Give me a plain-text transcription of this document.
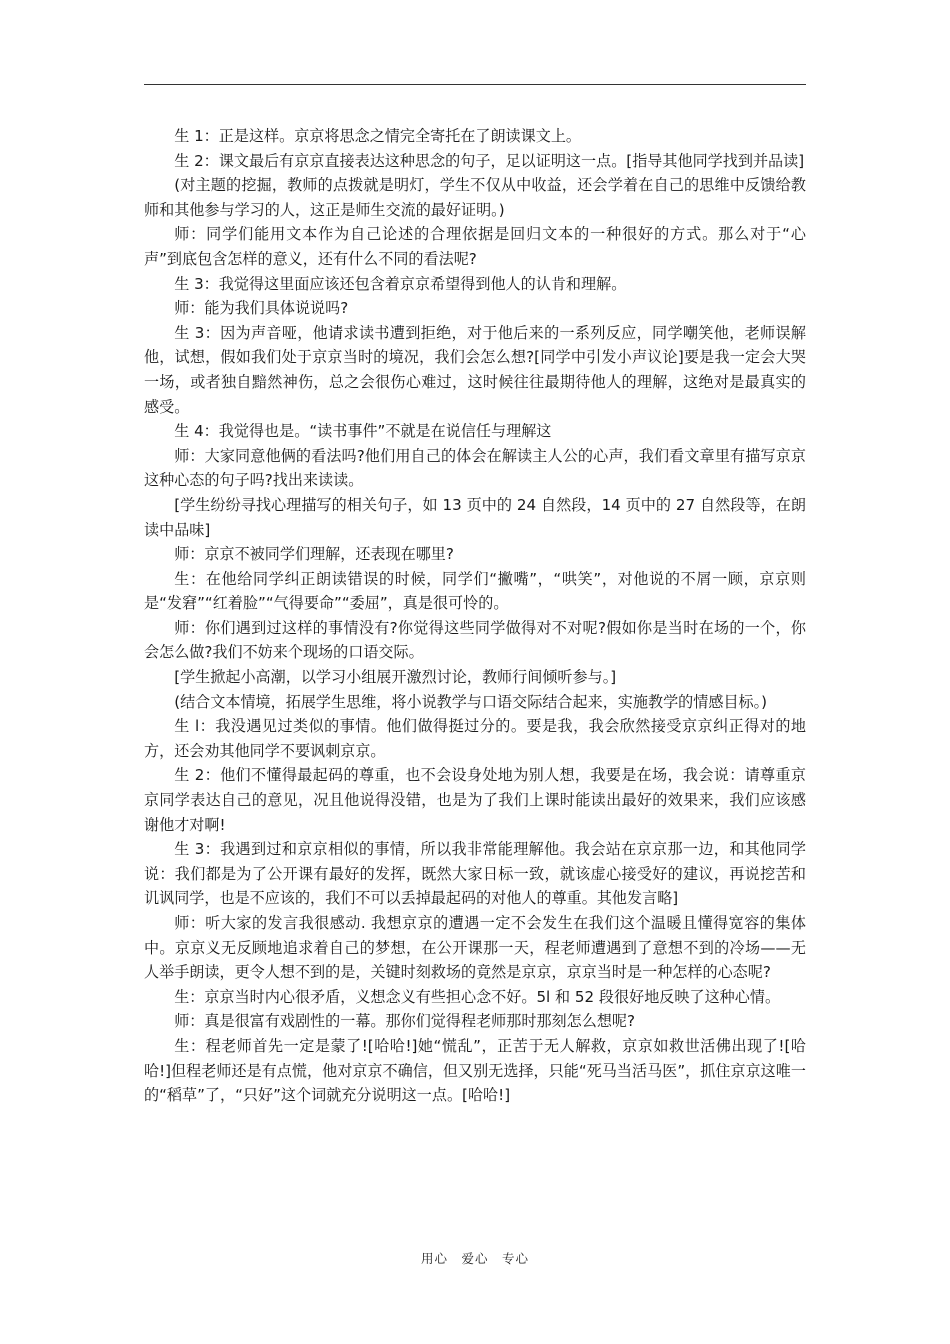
生 1：正是这样。京京将思念之情完全寄托在了朗读课文上。

生 2：课文最后有京京直接表达这种思念的句子，足以证明这一点。[指导其他同学找到并品读]

(对主题的挖掘，教师的点拨就是明灯，学生不仅从中收益，还会学着在自己的思维中反馈给教师和其他参与学习的人，这正是师生交流的最好证明。)

师：同学们能用文本作为自己论述的合理依据是回归文本的一种很好的方式。那么对于“心声”到底包含怎样的意义，还有什么不同的看法呢?

生 3：我觉得这里面应该还包含着京京希望得到他人的认肯和理解。

师：能为我们具体说说吗?

生 3：因为声音哑，他请求读书遭到拒绝，对于他后来的一系列反应，同学嘲笑他，老师误解他，试想，假如我们处于京京当时的境况，我们会怎么想?[同学中引发小声议论]要是我一定会大哭一场，或者独自黯然神伤，总之会很伤心难过，这时候往往最期待他人的理解，这绝对是最真实的感受。

生 4：我觉得也是。“读书事件”不就是在说信任与理解这

师：大家同意他俩的看法吗?他们用自己的体会在解读主人公的心声，我们看文章里有描写京京这种心态的句子吗?找出来读读。

[学生纷纷寻找心理描写的相关句子，如 13 页中的 24 自然段，14 页中的 27 自然段等，在朗读中品味]

师：京京不被同学们理解，还表现在哪里?

生：在他给同学纠正朗读错误的时候，同学们“撇嘴”，“哄笑”，对他说的不屑一顾，京京则是“发窘”“红着脸”“气得要命”“委屈”，真是很可怜的。

师：你们遇到过这样的事情没有?你觉得这些同学做得对不对呢?假如你是当时在场的一个，你会怎么做?我们不妨来个现场的口语交际。

[学生掀起小高潮，以学习小组展开激烈讨论，教师行间倾听参与。]

(结合文本情境，拓展学生思维，将小说教学与口语交际结合起来，实施教学的情感目标。)

生 l：我没遇见过类似的事情。他们做得挺过分的。要是我，我会欣然接受京京纠正得对的地方，还会劝其他同学不要讽刺京京。

生 2：他们不懂得最起码的尊重，也不会设身处地为别人想，我要是在场，我会说：请尊重京京同学表达自己的意见，况且他说得没错，也是为了我们上课时能读出最好的效果来，我们应该感谢他才对啊!

生 3：我遇到过和京京相似的事情，所以我非常能理解他。我会站在京京那一边，和其他同学说：我们都是为了公开课有最好的发挥，既然大家日标一致，就该虚心接受好的建议，再说挖苦和讥讽同学，也是不应该的，我们不可以丢掉最起码的对他人的尊重。其他发言略]

师：听大家的发言我很感动. 我想京京的遭遇一定不会发生在我们这个温暖且懂得宽容的集体中。京京义无反顾地追求着自己的梦想，在公开课那一天，程老师遭遇到了意想不到的冷场——无人举手朗读，更令人想不到的是，关键时刻救场的竟然是京京，京京当时是一种怎样的心态呢?

生：京京当时内心很矛盾，义想念义有些担心念不好。5l 和 52 段很好地反映了这种心情。

师：真是很富有戏剧性的一幕。那你们觉得程老师那时那刻怎么想呢?

生：程老师首先一定是蒙了![哈哈!]她“慌乱”，正苦于无人解救，京京如救世活佛出现了![哈哈!]但程老师还是有点慌，他对京京不确信，但又别无选择，只能“死马当活马医”，抓住京京这唯一的“稻草”了，“只好”这个词就充分说明这一点。[哈哈!]

用心　爱心　专心
